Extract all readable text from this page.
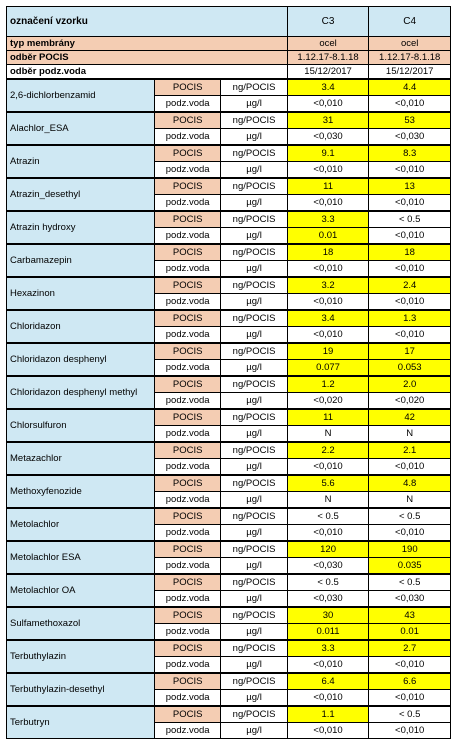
označení vzorku			C3	C4
typ membrány			ocel	ocel
odběr POCIS			1.12.17-8.1.18	1.12.17-8.1.18
odběr podz.voda			15/12/2017	15/12/2017
2,6-dichlorbenzamid	POCIS	ng/POCIS	3.4	4.4
	podz.voda	µg/l	<0,010	<0,010
Alachlor_ESA	POCIS	ng/POCIS	31	53
	podz.voda	µg/l	<0,030	<0,030
Atrazin	POCIS	ng/POCIS	9.1	8.3
	podz.voda	µg/l	<0,010	<0,010
Atrazin_desethyl	POCIS	ng/POCIS	11	13
	podz.voda	µg/l	<0,010	<0,010
Atrazin hydroxy	POCIS	ng/POCIS	3.3	< 0.5
	podz.voda	µg/l	0.01	<0,010
Carbamazepin	POCIS	ng/POCIS	18	18
	podz.voda	µg/l	<0,010	<0,010
Hexazinon	POCIS	ng/POCIS	3.2	2.4
	podz.voda	µg/l	<0,010	<0,010
Chloridazon	POCIS	ng/POCIS	3.4	1.3
	podz.voda	µg/l	<0,010	<0,010
Chloridazon desphenyl	POCIS	ng/POCIS	19	17
	podz.voda	µg/l	0.077	0.053
Chloridazon desphenyl methyl	POCIS	ng/POCIS	1.2	2.0
	podz.voda	µg/l	<0,020	<0,020
Chlorsulfuron	POCIS	ng/POCIS	11	42
	podz.voda	µg/l	N	N
Metazachlor	POCIS	ng/POCIS	2.2	2.1
	podz.voda	µg/l	<0,010	<0,010
Methoxyfenozide	POCIS	ng/POCIS	5.6	4.8
	podz.voda	µg/l	N	N
Metolachlor	POCIS	ng/POCIS	< 0.5	< 0.5
	podz.voda	µg/l	<0,010	<0,010
Metolachlor ESA	POCIS	ng/POCIS	120	190
	podz.voda	µg/l	<0,030	0.035
Metolachlor OA	POCIS	ng/POCIS	< 0.5	< 0.5
	podz.voda	µg/l	<0,030	<0,030
Sulfamethoxazol	POCIS	ng/POCIS	30	43
	podz.voda	µg/l	0.011	0.01
Terbuthylazin	POCIS	ng/POCIS	3.3	2.7
	podz.voda	µg/l	<0,010	<0,010
Terbuthylazin-desethyl	POCIS	ng/POCIS	6.4	6.6
	podz.voda	µg/l	<0,010	<0,010
Terbutryn	POCIS	ng/POCIS	1.1	< 0.5
	podz.voda	µg/l	<0,010	<0,010
